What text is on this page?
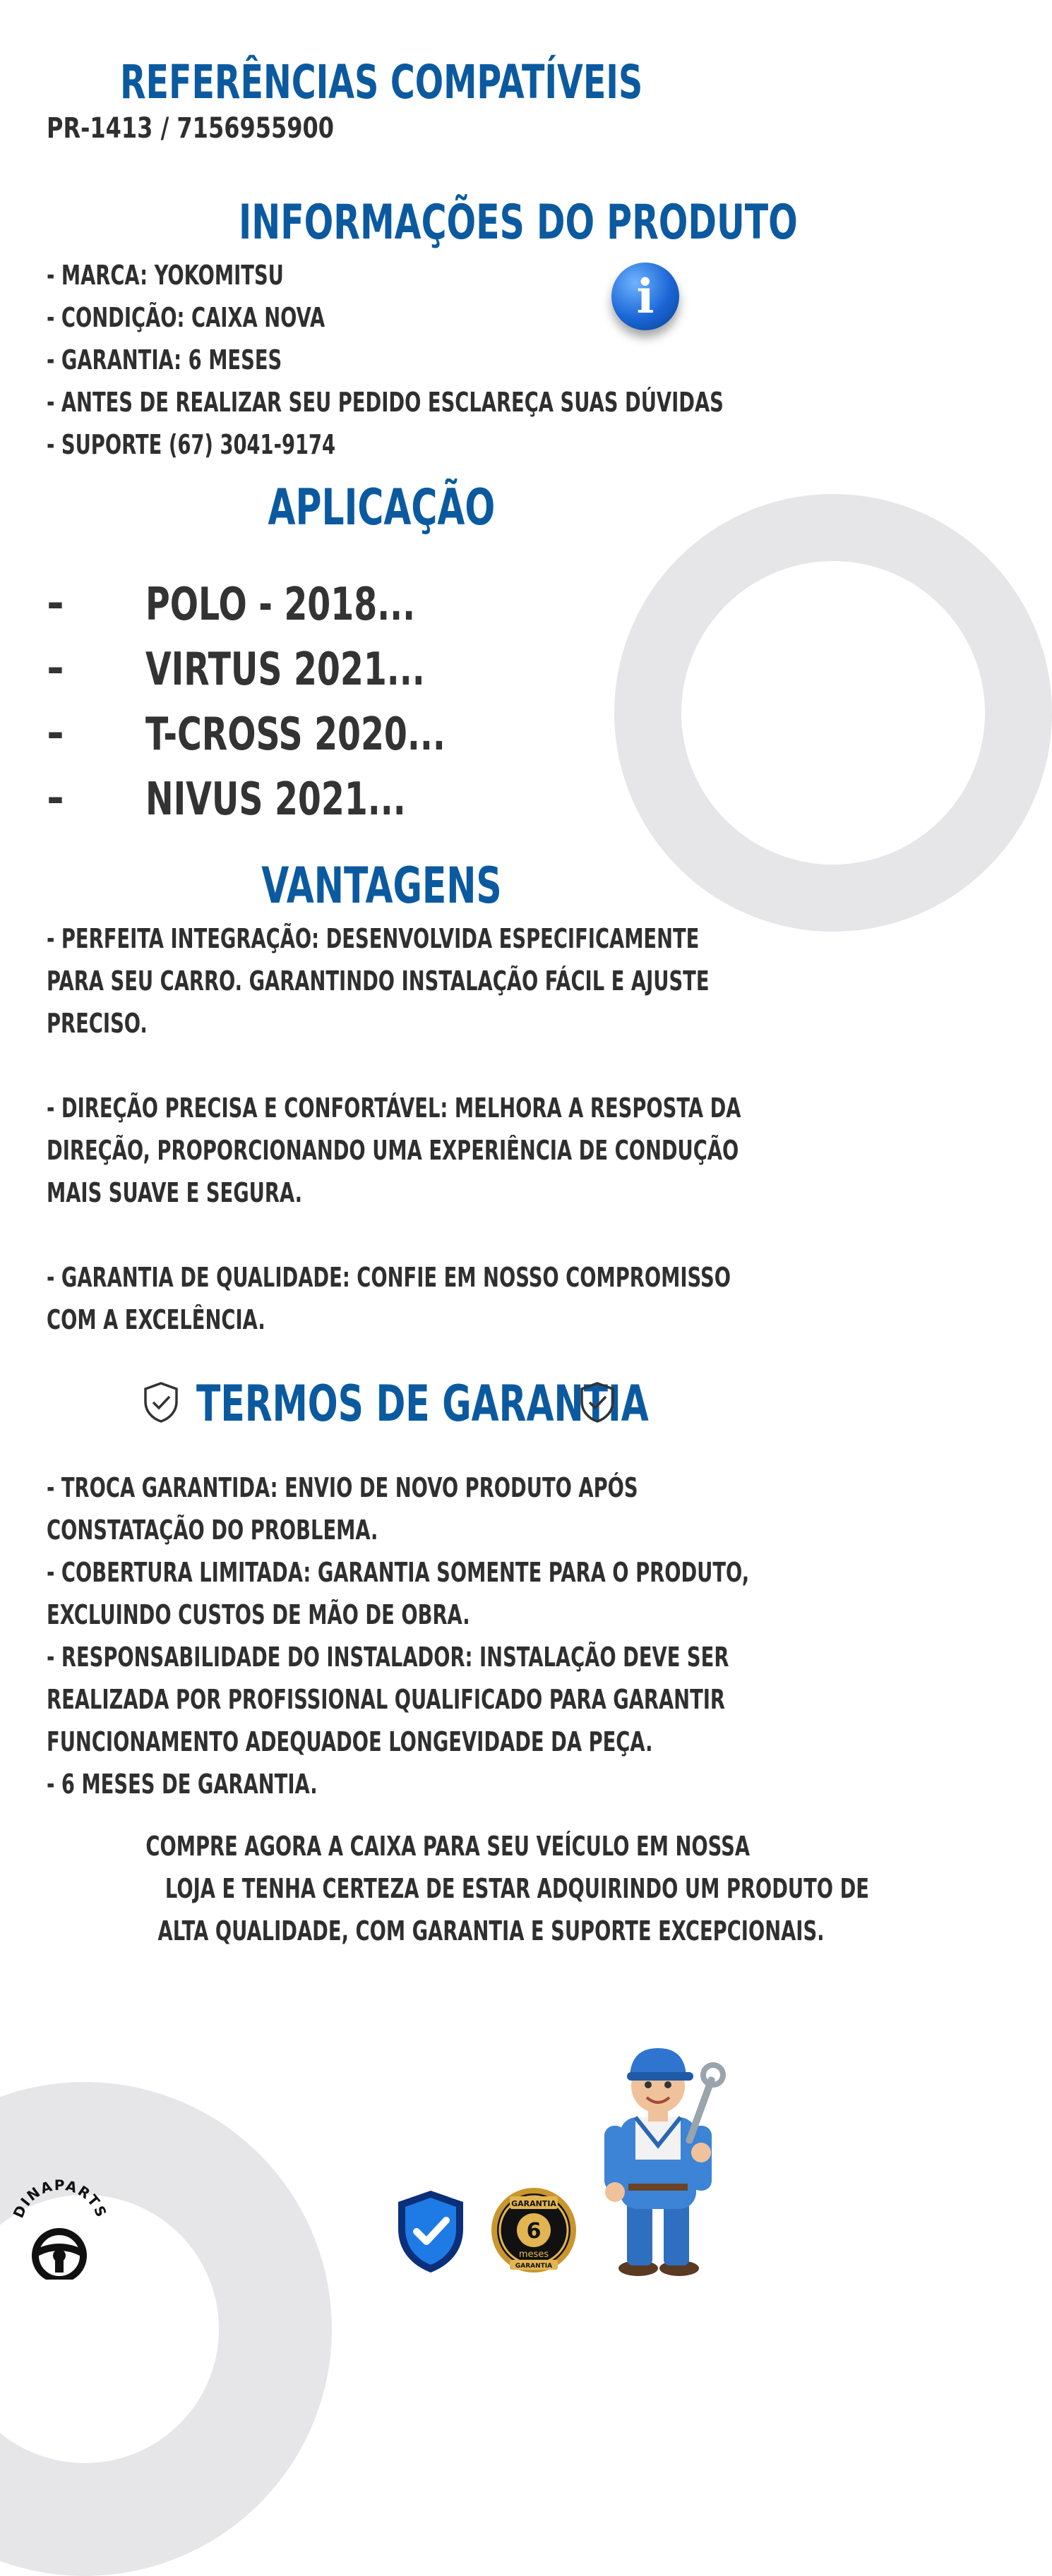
REFERÊNCIAS COMPATÍVEIS
PR-1413 / 7156955900
INFORMAÇÕES DO PRODUTO
i
- MARCA: YOKOMITSU
- CONDIÇÃO: CAIXA NOVA
- GARANTIA: 6 MESES
- ANTES DE REALIZAR SEU PEDIDO ESCLAREÇA SUAS DÚVIDAS
- SUPORTE (67) 3041-9174
APLICAÇÃO
- POLO - 2018...
- VIRTUS 2021...
- T-CROSS 2020...
- NIVUS 2021...
VANTAGENS
- PERFEITA INTEGRAÇÃO: DESENVOLVIDA ESPECIFICAMENTE
PARA SEU CARRO. GARANTINDO INSTALAÇÃO FÁCIL E AJUSTE
PRECISO.
- DIREÇÃO PRECISA E CONFORTÁVEL: MELHORA A RESPOSTA DA
DIREÇÃO, PROPORCIONANDO UMA EXPERIÊNCIA DE CONDUÇÃO
MAIS SUAVE E SEGURA.
- GARANTIA DE QUALIDADE: CONFIE EM NOSSO COMPROMISSO
COM A EXCELÊNCIA.
TERMOS DE GARANTIA
- TROCA GARANTIDA: ENVIO DE NOVO PRODUTO APÓS
CONSTATAÇÃO DO PROBLEMA.
- COBERTURA LIMITADA: GARANTIA SOMENTE PARA O PRODUTO,
EXCLUINDO CUSTOS DE MÃO DE OBRA.
- RESPONSABILIDADE DO INSTALADOR: INSTALAÇÃO DEVE SER
REALIZADA POR PROFISSIONAL QUALIFICADO PARA GARANTIR
FUNCIONAMENTO ADEQUADOE LONGEVIDADE DA PEÇA.
- 6 MESES DE GARANTIA.
COMPRE AGORA A CAIXA PARA SEU VEÍCULO EM NOSSA
LOJA E TENHA CERTEZA DE ESTAR ADQUIRINDO UM PRODUTO DE
ALTA QUALIDADE, COM GARANTIA E SUPORTE EXCEPCIONAIS.
DINAPARTS	GARANTIA
6
meses
GARANTIA
